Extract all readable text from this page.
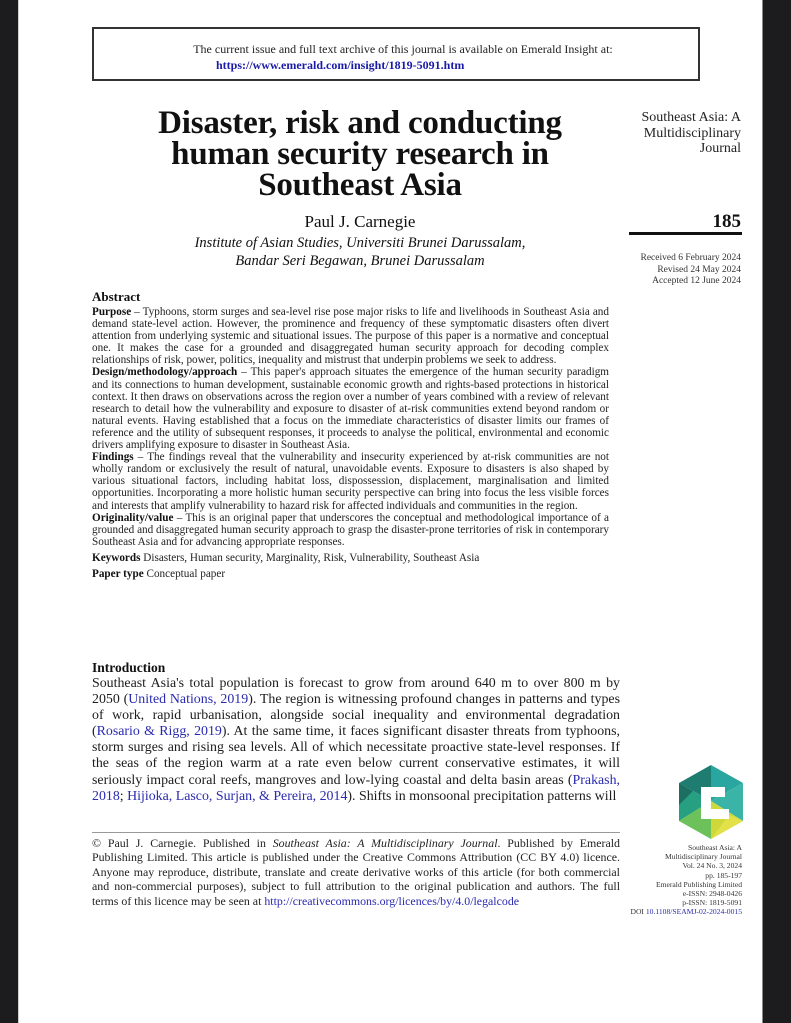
The current issue and full text archive of this journal is available on Emerald Insight at:
https://www.emerald.com/insight/1819-5091.htm
Disaster, risk and conducting
human security research in
Southeast Asia
Paul J. Carnegie
Institute of Asian Studies, Universiti Brunei Darussalam,
Bandar Seri Begawan, Brunei Darussalam
Southeast Asia: A
Multidisciplinary
Journal
185
Received 6 February 2024
Revised 24 May 2024
Accepted 12 June 2024
Abstract

Purpose – Typhoons, storm surges and sea-level rise pose major risks to life and livelihoods in Southeast Asia and demand state-level action. However, the prominence and frequency of these symptomatic disasters often divert attention from underlying systemic and situational issues. The purpose of this paper is a normative and conceptual one. It makes the case for a grounded and disaggregated human security approach for decoding complex relationships of risk, power, politics, inequality and mistrust that underpin problems we seek to address.

Design/methodology/approach – This paper's approach situates the emergence of the human security paradigm and its connections to human development, sustainable economic growth and rights-based protections in historical context. It then draws on observations across the region over a number of years combined with a review of relevant research to detail how the vulnerability and exposure to disaster of at-risk communities extend beyond random or natural events. Having established that a focus on the immediate characteristics of disaster limits our frames of reference and the utility of subsequent responses, it proceeds to analyse the political, environmental and economic drivers amplifying exposure to disaster in Southeast Asia.

Findings – The findings reveal that the vulnerability and insecurity experienced by at-risk communities are not wholly random or exclusively the result of natural, unavoidable events. Exposure to disasters is also shaped by various situational factors, including habitat loss, dispossession, displacement, marginalisation and limited opportunities. Incorporating a more holistic human security perspective can bring into focus the less visible forces and interests that amplify vulnerability to hazard risk for affected individuals and communities in the region.

Originality/value – This is an original paper that underscores the conceptual and methodological importance of a grounded and disaggregated human security approach to grasp the disaster-prone territories of risk in contemporary Southeast Asia and for advancing appropriate responses.

Keywords Disasters, Human security, Marginality, Risk, Vulnerability, Southeast Asia

Paper type Conceptual paper

Introduction

Southeast Asia's total population is forecast to grow from around 640 m to over 800 m by 2050 (United Nations, 2019). The region is witnessing profound changes in patterns and types of work, rapid urbanisation, alongside social inequality and environmental degradation (Rosario & Rigg, 2019). At the same time, it faces significant disaster threats from typhoons, storm surges and rising sea levels. All of which necessitate proactive state-level responses. If the seas of the region warm at a rate even below current conservative estimates, it will seriously impact coral reefs, mangroves and low-lying coastal and delta basin areas (Prakash, 2018; Hijioka, Lasco, Surjan, & Pereira, 2014). Shifts in monsoonal precipitation patterns will

Southeast Asia: A
Multidisciplinary Journal
Vol. 24 No. 3, 2024
pp. 185-197
Emerald Publishing Limited
e-ISSN: 2948-0426
p-ISSN: 1819-5091
DOI 10.1108/SEAMJ-02-2024-0015
© Paul J. Carnegie. Published in Southeast Asia: A Multidisciplinary Journal. Published by Emerald Publishing Limited. This article is published under the Creative Commons Attribution (CC BY 4.0) licence. Anyone may reproduce, distribute, translate and create derivative works of this article (for both commercial and non-commercial purposes), subject to full attribution to the original publication and authors. The full terms of this licence may be seen at http://creativecommons.org/licences/by/4.0/legalcode
